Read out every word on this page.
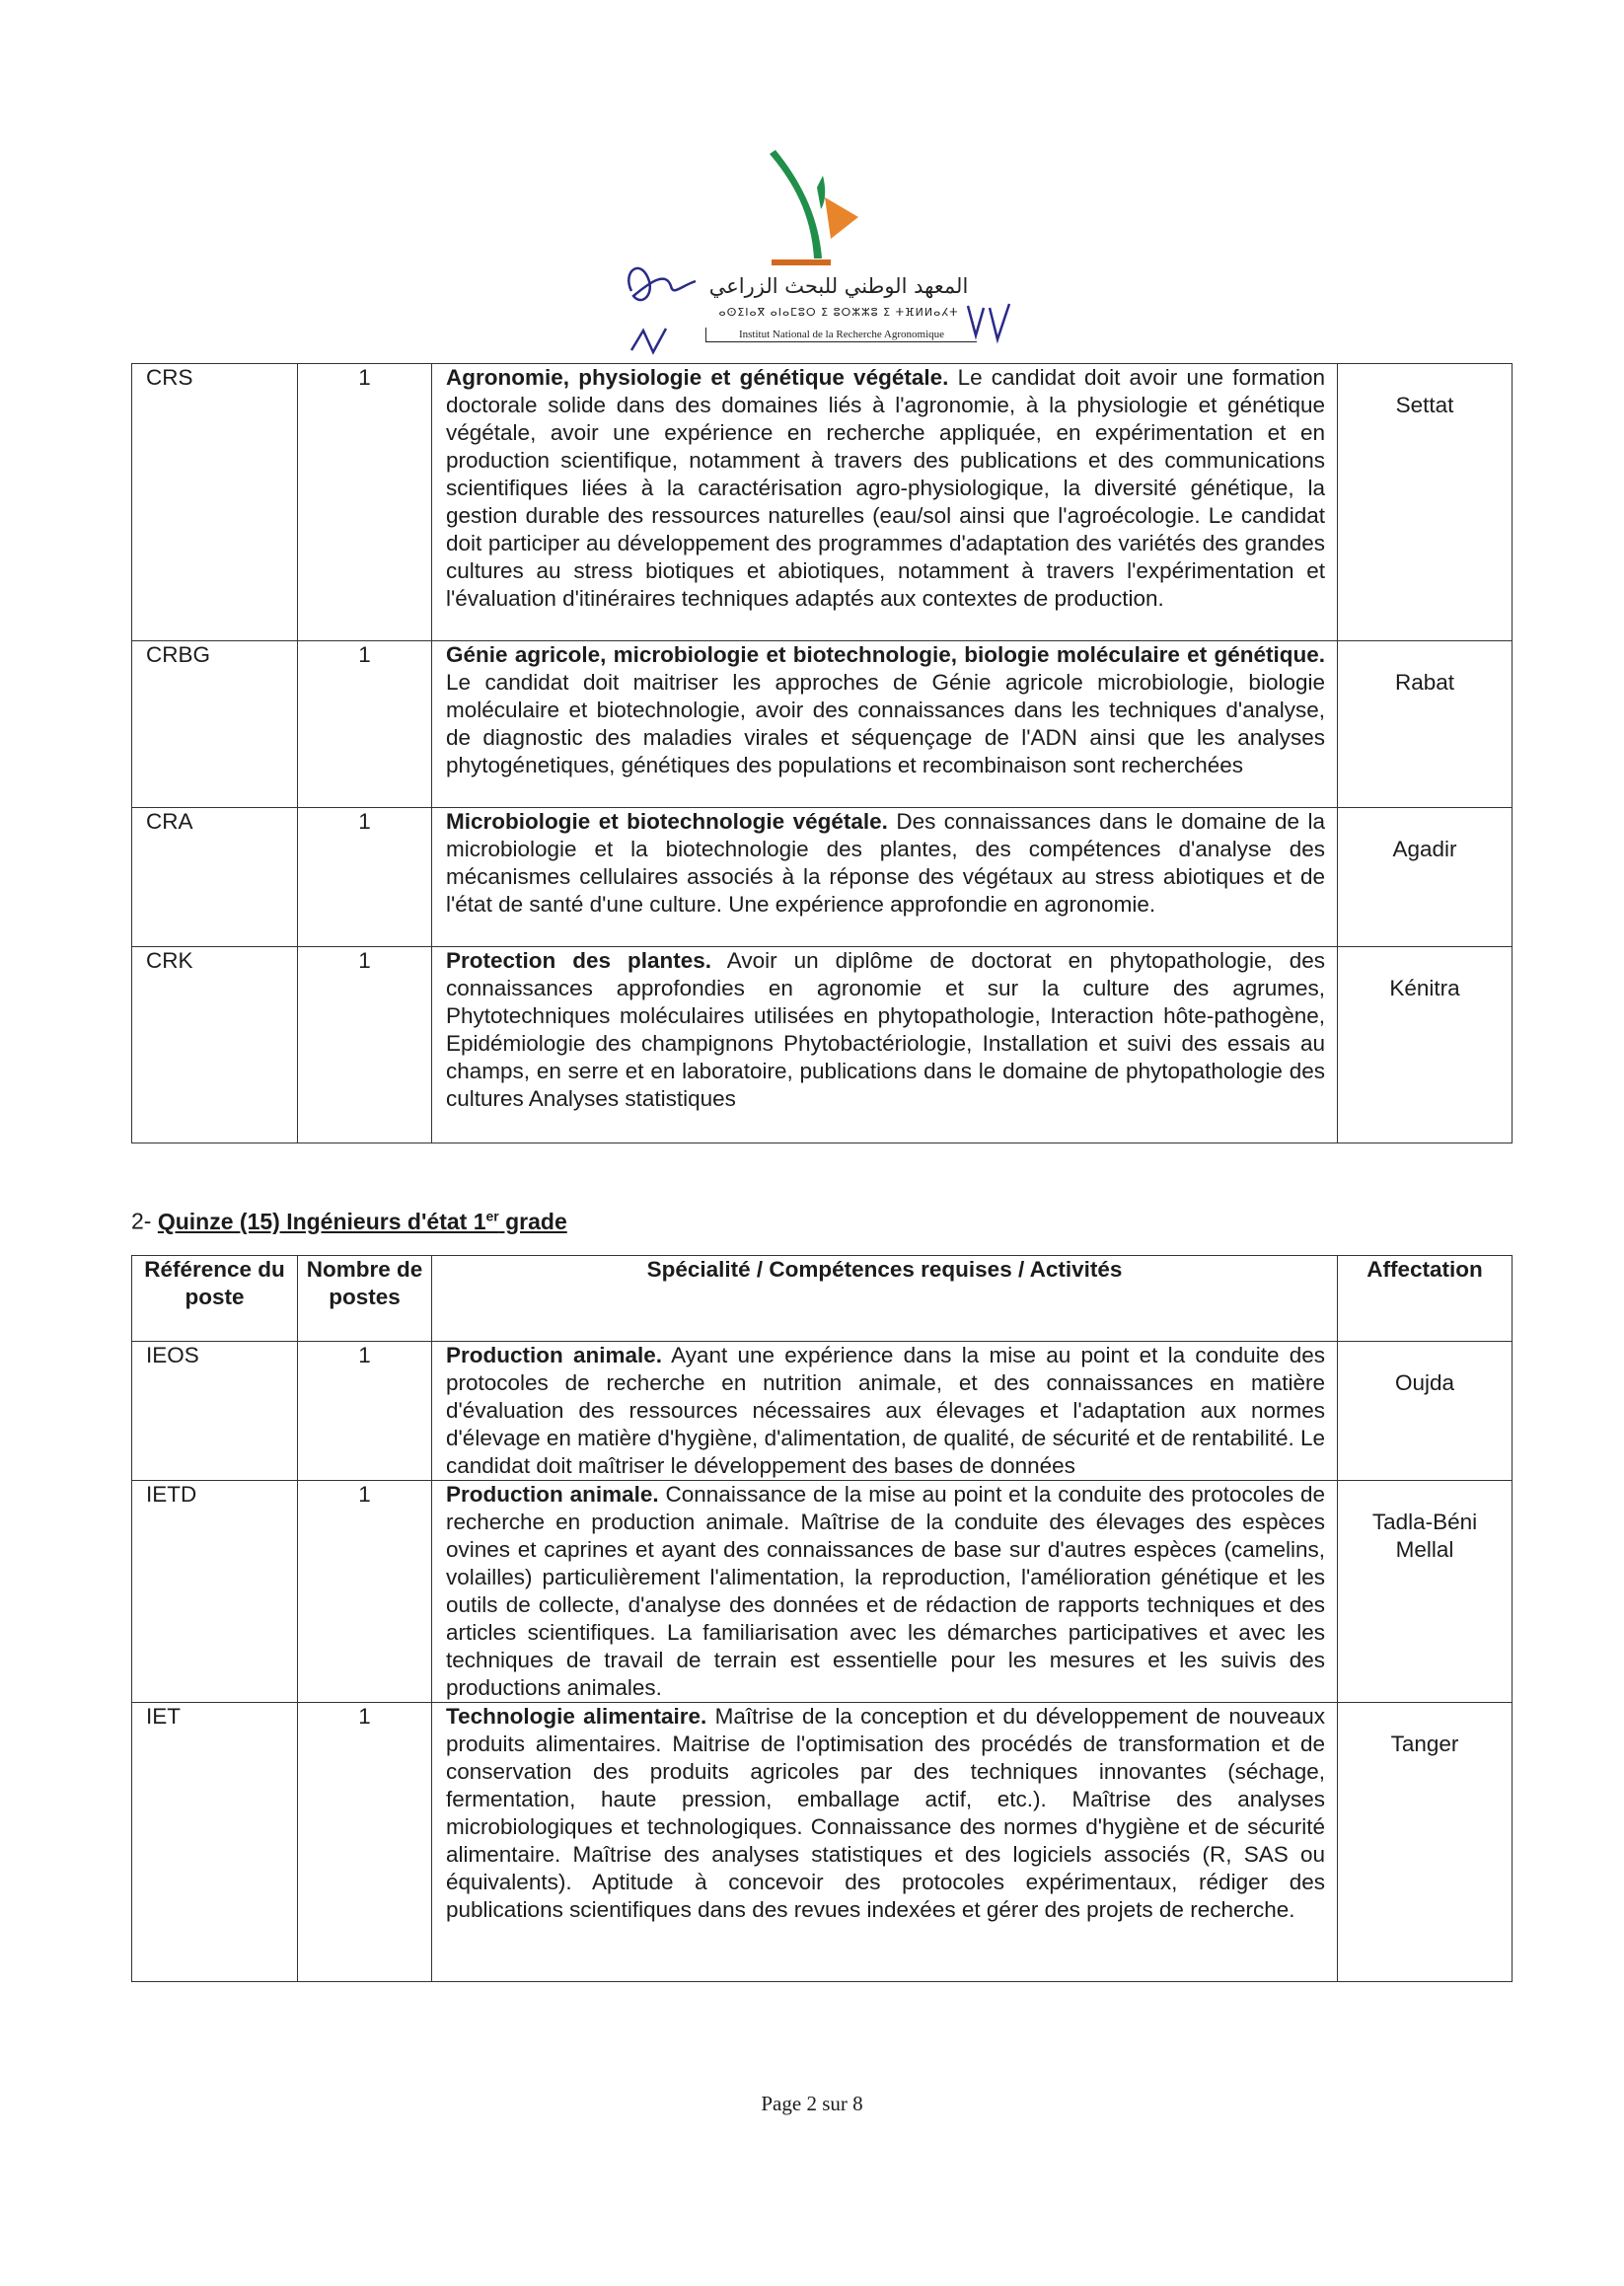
المعهد الوطني للبحث الزراعي
ⴰⵙⵉⵏⴰⴳ ⴰⵏⴰⵎⵓⵔ ⵉ ⵓⵔⵣⵣⵓ ⵉ ⵜⴼⵍⵍⴰⵃⵜ
Institut National de la Recherche Agronomique
CRS	1	Agronomie, physiologie et génétique végétale. Le candidat doit avoir une formation doctorale solide dans des domaines liés à l'agronomie, à la physiologie et génétique végétale, avoir une expérience en recherche appliquée, en expérimentation et en production scientifique, notamment à travers des publications et des communications scientifiques liées à la caractérisation agro-physiologique, la diversité génétique, la gestion durable des ressources naturelles (eau/sol ainsi que l'agroécologie. Le candidat doit participer au développement des programmes d'adaptation des variétés des grandes cultures au stress biotiques et abiotiques, notamment à travers l'expérimentation et l'évaluation d'itinéraires techniques adaptés aux contextes de production.	Settat

CRBG	1	Génie agricole, microbiologie et biotechnologie, biologie moléculaire et génétique. Le candidat doit maitriser les approches de Génie agricole microbiologie, biologie moléculaire et biotechnologie, avoir des connaissances dans les techniques d'analyse, de diagnostic des maladies virales et séquençage de l'ADN ainsi que les analyses phytogénetiques, génétiques des populations et recombinaison sont recherchées	Rabat

CRA	1	Microbiologie et biotechnologie végétale. Des connaissances dans le domaine de la microbiologie et la biotechnologie des plantes, des compétences d'analyse des mécanismes cellulaires associés à la réponse des végétaux au stress abiotiques et de l'état de santé d'une culture. Une expérience approfondie en agronomie.	Agadir

CRK	1	Protection des plantes. Avoir un diplôme de doctorat en phytopathologie, des connaissances approfondies en agronomie et sur la culture des agrumes, Phytotechniques moléculaires utilisées en phytopathologie, Interaction hôte-pathogène, Epidémiologie des champignons Phytobactériologie, Installation et suivi des essais au champs, en serre et en laboratoire, publications dans le domaine de phytopathologie des cultures Analyses statistiques	Kénitra
2- Quinze (15) Ingénieurs d'état 1er grade
Référence du poste	Nombre de postes	Spécialité / Compétences requises / Activités	Affectation
IEOS	1	Production animale. Ayant une expérience dans la mise au point et la conduite des protocoles de recherche en nutrition animale, et des connaissances en matière d'évaluation des ressources nécessaires aux élevages et l'adaptation aux normes d'élevage en matière d'hygiène, d'alimentation, de qualité, de sécurité et de rentabilité. Le candidat doit maîtriser le développement des bases de données	Oujda

IETD	1	Production animale. Connaissance de la mise au point et la conduite des protocoles de recherche en production animale. Maîtrise de la conduite des élevages des espèces ovines et caprines et ayant des connaissances de base sur d'autres espèces (camelins, volailles) particulièrement l'alimentation, la reproduction, l'amélioration génétique et les outils de collecte, d'analyse des données et de rédaction de rapports techniques et des articles scientifiques. La familiarisation avec les démarches participatives et avec les techniques de travail de terrain est essentielle pour les mesures et les suivis des productions animales.	Tadla-Béni Mellal

IET	1	Technologie alimentaire. Maîtrise de la conception et du développement de nouveaux produits alimentaires. Maitrise de l'optimisation des procédés de transformation et de conservation des produits agricoles par des techniques innovantes (séchage, fermentation, haute pression, emballage actif, etc.). Maîtrise des analyses microbiologiques et technologiques. Connaissance des normes d'hygiène et de sécurité alimentaire. Maîtrise des analyses statistiques et des logiciels associés (R, SAS ou équivalents). Aptitude à concevoir des protocoles expérimentaux, rédiger des publications scientifiques dans des revues indexées et gérer des projets de recherche.	Tanger
Page 2 sur 8
